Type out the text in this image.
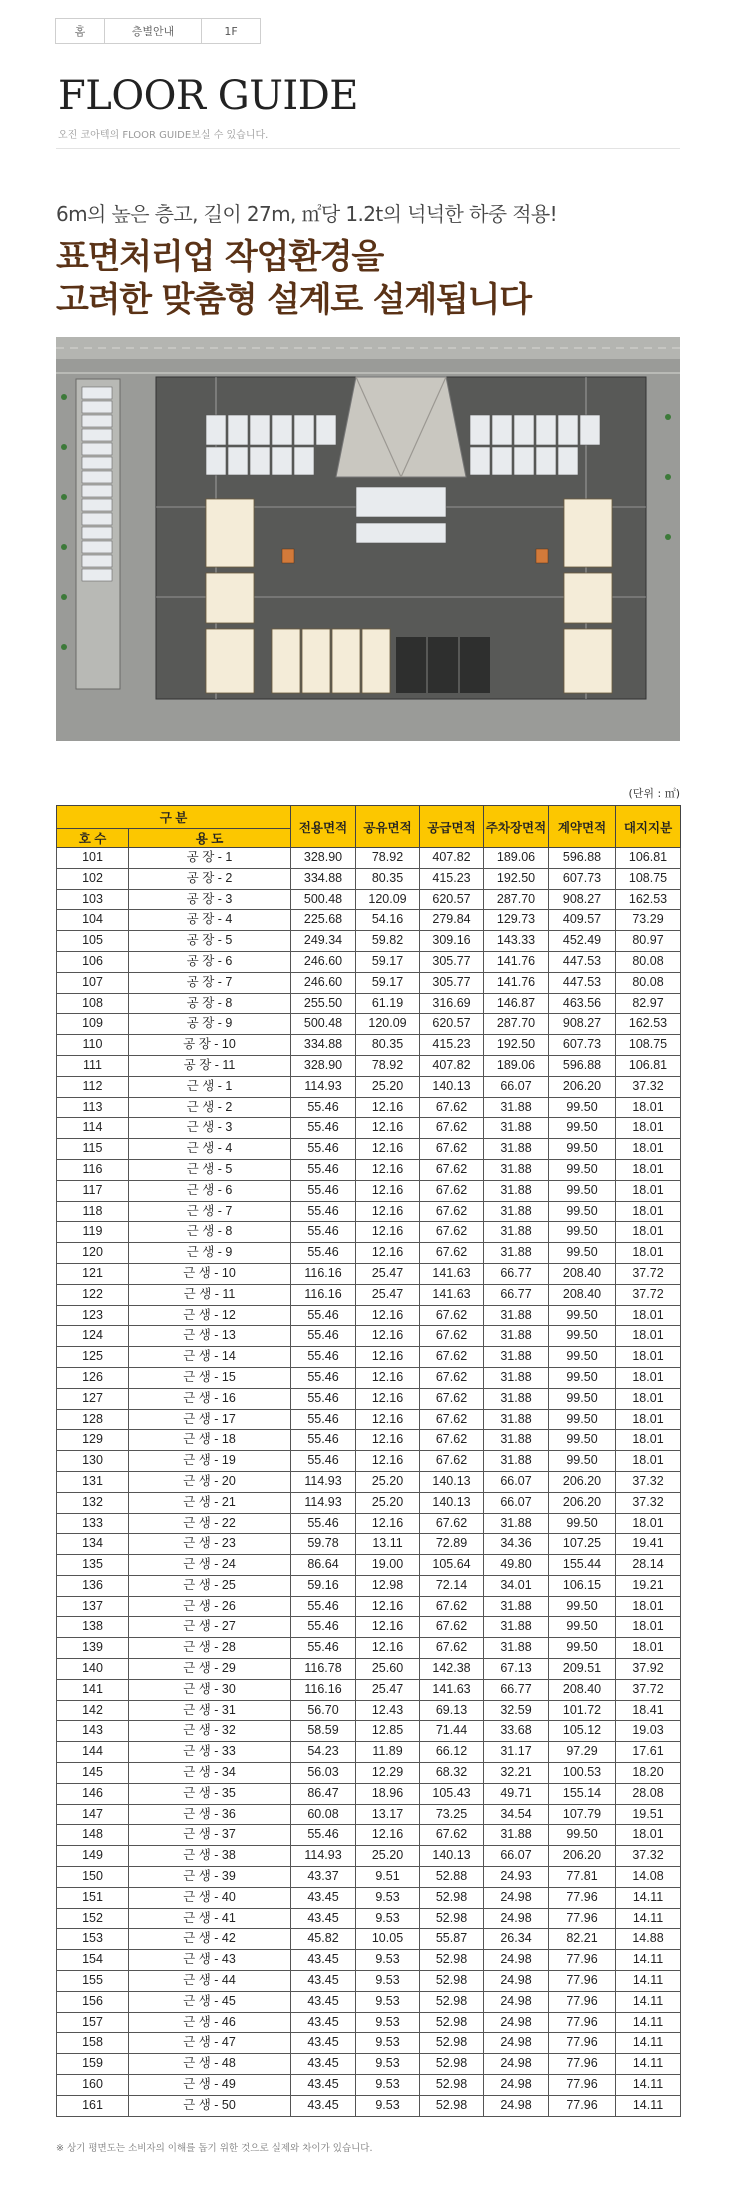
홈	층별안내	1F
FLOOR GUIDE
오진 코아텍의 FLOOR GUIDE보실 수 있습니다.
6m의 높은 층고, 길이 27m, ㎡당 1.2t의 넉넉한 하중 적용!
표면처리업 작업환경을
고려한 맞춤형 설계로 설계됩니다
(단위 : ㎡)
구 분		전용면적	공유면적	공급면적	주차장면적	계약면적	대지지분
호 수	용 도						
101	공 장 - 1	328.90	78.92	407.82	189.06	596.88	106.81
102	공 장 - 2	334.88	80.35	415.23	192.50	607.73	108.75
103	공 장 - 3	500.48	120.09	620.57	287.70	908.27	162.53
104	공 장 - 4	225.68	54.16	279.84	129.73	409.57	73.29
105	공 장 - 5	249.34	59.82	309.16	143.33	452.49	80.97
106	공 장 - 6	246.60	59.17	305.77	141.76	447.53	80.08
107	공 장 - 7	246.60	59.17	305.77	141.76	447.53	80.08
108	공 장 - 8	255.50	61.19	316.69	146.87	463.56	82.97
109	공 장 - 9	500.48	120.09	620.57	287.70	908.27	162.53
110	공 장 - 10	334.88	80.35	415.23	192.50	607.73	108.75
111	공 장 - 11	328.90	78.92	407.82	189.06	596.88	106.81
112	근 생 - 1	114.93	25.20	140.13	66.07	206.20	37.32
113	근 생 - 2	55.46	12.16	67.62	31.88	99.50	18.01
114	근 생 - 3	55.46	12.16	67.62	31.88	99.50	18.01
115	근 생 - 4	55.46	12.16	67.62	31.88	99.50	18.01
116	근 생 - 5	55.46	12.16	67.62	31.88	99.50	18.01
117	근 생 - 6	55.46	12.16	67.62	31.88	99.50	18.01
118	근 생 - 7	55.46	12.16	67.62	31.88	99.50	18.01
119	근 생 - 8	55.46	12.16	67.62	31.88	99.50	18.01
120	근 생 - 9	55.46	12.16	67.62	31.88	99.50	18.01
121	근 생 - 10	116.16	25.47	141.63	66.77	208.40	37.72
122	근 생 - 11	116.16	25.47	141.63	66.77	208.40	37.72
123	근 생 - 12	55.46	12.16	67.62	31.88	99.50	18.01
124	근 생 - 13	55.46	12.16	67.62	31.88	99.50	18.01
125	근 생 - 14	55.46	12.16	67.62	31.88	99.50	18.01
126	근 생 - 15	55.46	12.16	67.62	31.88	99.50	18.01
127	근 생 - 16	55.46	12.16	67.62	31.88	99.50	18.01
128	근 생 - 17	55.46	12.16	67.62	31.88	99.50	18.01
129	근 생 - 18	55.46	12.16	67.62	31.88	99.50	18.01
130	근 생 - 19	55.46	12.16	67.62	31.88	99.50	18.01
131	근 생 - 20	114.93	25.20	140.13	66.07	206.20	37.32
132	근 생 - 21	114.93	25.20	140.13	66.07	206.20	37.32
133	근 생 - 22	55.46	12.16	67.62	31.88	99.50	18.01
134	근 생 - 23	59.78	13.11	72.89	34.36	107.25	19.41
135	근 생 - 24	86.64	19.00	105.64	49.80	155.44	28.14
136	근 생 - 25	59.16	12.98	72.14	34.01	106.15	19.21
137	근 생 - 26	55.46	12.16	67.62	31.88	99.50	18.01
138	근 생 - 27	55.46	12.16	67.62	31.88	99.50	18.01
139	근 생 - 28	55.46	12.16	67.62	31.88	99.50	18.01
140	근 생 - 29	116.78	25.60	142.38	67.13	209.51	37.92
141	근 생 - 30	116.16	25.47	141.63	66.77	208.40	37.72
142	근 생 - 31	56.70	12.43	69.13	32.59	101.72	18.41
143	근 생 - 32	58.59	12.85	71.44	33.68	105.12	19.03
144	근 생 - 33	54.23	11.89	66.12	31.17	97.29	17.61
145	근 생 - 34	56.03	12.29	68.32	32.21	100.53	18.20
146	근 생 - 35	86.47	18.96	105.43	49.71	155.14	28.08
147	근 생 - 36	60.08	13.17	73.25	34.54	107.79	19.51
148	근 생 - 37	55.46	12.16	67.62	31.88	99.50	18.01
149	근 생 - 38	114.93	25.20	140.13	66.07	206.20	37.32
150	근 생 - 39	43.37	9.51	52.88	24.93	77.81	14.08
151	근 생 - 40	43.45	9.53	52.98	24.98	77.96	14.11
152	근 생 - 41	43.45	9.53	52.98	24.98	77.96	14.11
153	근 생 - 42	45.82	10.05	55.87	26.34	82.21	14.88
154	근 생 - 43	43.45	9.53	52.98	24.98	77.96	14.11
155	근 생 - 44	43.45	9.53	52.98	24.98	77.96	14.11
156	근 생 - 45	43.45	9.53	52.98	24.98	77.96	14.11
157	근 생 - 46	43.45	9.53	52.98	24.98	77.96	14.11
158	근 생 - 47	43.45	9.53	52.98	24.98	77.96	14.11
159	근 생 - 48	43.45	9.53	52.98	24.98	77.96	14.11
160	근 생 - 49	43.45	9.53	52.98	24.98	77.96	14.11
161	근 생 - 50	43.45	9.53	52.98	24.98	77.96	14.11
※ 상기 평면도는 소비자의 이해를 돕기 위한 것으로 실제와 차이가 있습니다.
